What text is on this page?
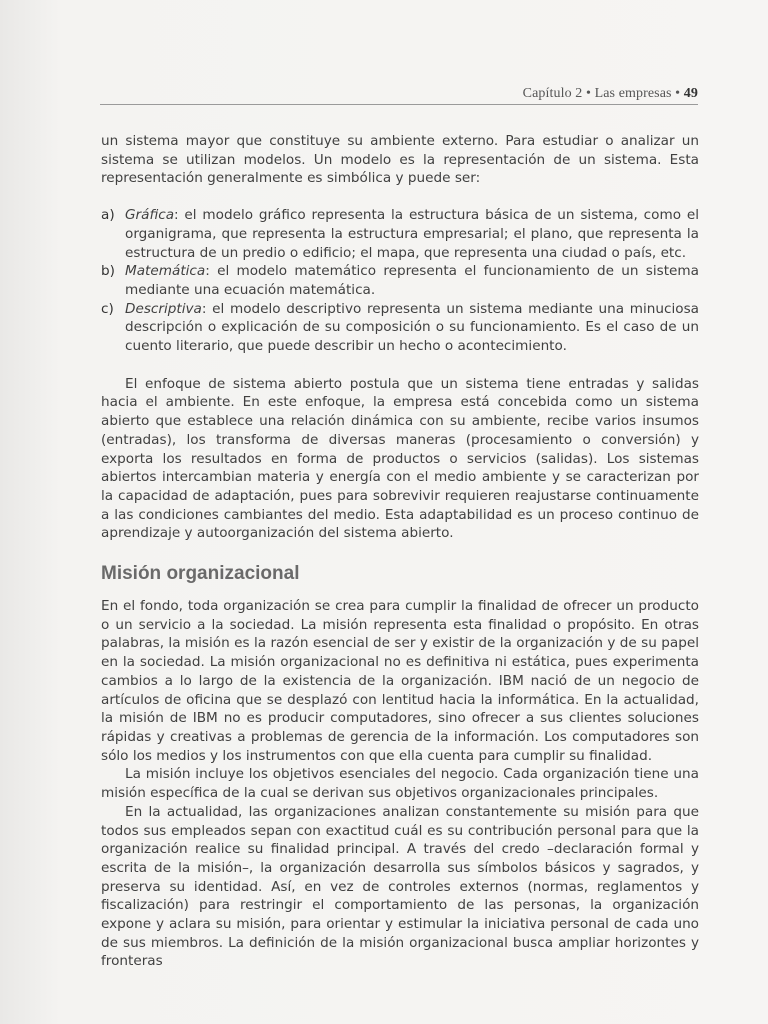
Capítulo 2 • Las empresas • 49

un sistema mayor que constituye su ambiente externo. Para estudiar o analizar un sistema se utilizan modelos. Un modelo es la representación de un sistema. Esta representación generalmente es simbólica y puede ser:

a) Gráfica: el modelo gráfico representa la estructura básica de un sistema, como el organigrama, que representa la estructura empresarial; el plano, que representa la estructura de un predio o edificio; el mapa, que representa una ciudad o país, etc.
b) Matemática: el modelo matemático representa el funcionamiento de un sistema mediante una ecuación matemática.
c) Descriptiva: el modelo descriptivo representa un sistema mediante una minuciosa descripción o explicación de su composición o su funcionamiento. Es el caso de un cuento literario, que puede describir un hecho o acontecimiento.

El enfoque de sistema abierto postula que un sistema tiene entradas y salidas hacia el ambiente. En este enfoque, la empresa está concebida como un sistema abierto que establece una relación dinámica con su ambiente, recibe varios insumos (entradas), los transforma de diversas maneras (procesamiento o conversión) y exporta los resultados en forma de productos o servicios (salidas). Los sistemas abiertos intercambian materia y energía con el medio ambiente y se caracterizan por la capacidad de adaptación, pues para sobrevivir requieren reajustarse continuamente a las condiciones cambiantes del medio. Esta adaptabilidad es un proceso continuo de aprendizaje y autoorganización del sistema abierto.

Misión organizacional

En el fondo, toda organización se crea para cumplir la finalidad de ofrecer un producto o un servicio a la sociedad. La misión representa esta finalidad o propósito. En otras palabras, la misión es la razón esencial de ser y existir de la organización y de su papel en la sociedad. La misión organizacional no es definitiva ni estática, pues experimenta cambios a lo largo de la existencia de la organización. IBM nació de un negocio de artículos de oficina que se desplazó con lentitud hacia la informática. En la actualidad, la misión de IBM no es producir computadores, sino ofrecer a sus clientes soluciones rápidas y creativas a problemas de gerencia de la información. Los computadores son sólo los medios y los instrumentos con que ella cuenta para cumplir su finalidad.

La misión incluye los objetivos esenciales del negocio. Cada organización tiene una misión específica de la cual se derivan sus objetivos organizacionales principales.

En la actualidad, las organizaciones analizan constantemente su misión para que todos sus empleados sepan con exactitud cuál es su contribución personal para que la organización realice su finalidad principal. A través del credo –declaración formal y escrita de la misión–, la organización desarrolla sus símbolos básicos y sagrados, y preserva su identidad. Así, en vez de controles externos (normas, reglamentos y fiscalización) para restringir el comportamiento de las personas, la organización expone y aclara su misión, para orientar y estimular la iniciativa personal de cada uno de sus miembros. La definición de la misión organizacional busca ampliar horizontes y fronteras
